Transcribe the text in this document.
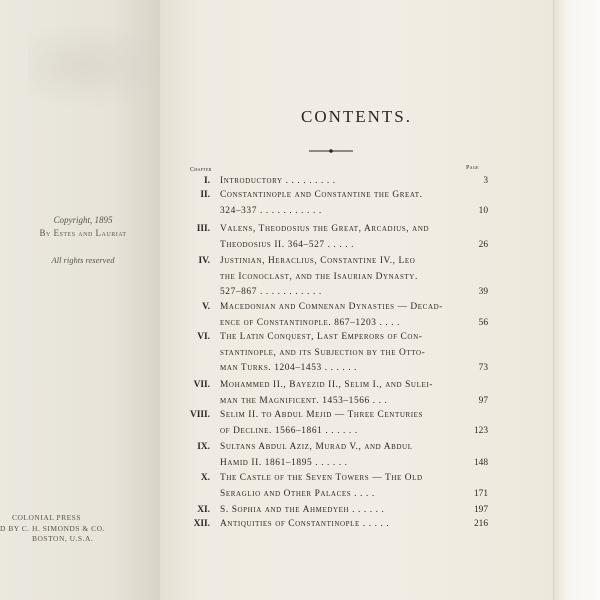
Copyright, 1895
By Estes and Lauriat
All rights reserved
COLONIAL PRESS
D BY C. H. SIMONDS & CO.
BOSTON, U.S.A.
CONTENTS.
Chapter	Page
I. Introductory . . . . . . . . .	3
II. Constantinople and Constantine the Great.
324–337 . . . . . . . . . . .	10
III. Valens, Theodosius the Great, Arcadius, and
Theodosius II. 364–527 . . . . .	26
IV. Justinian, Heraclius, Constantine IV., Leo
the Iconoclast, and the Isaurian Dynasty.
527–867 . . . . . . . . . . .	39
V. Macedonian and Comnenan Dynasties — Decad-
ence of Constantinople. 867–1203 . . . .	56
VI. The Latin Conquest, Last Emperors of Con-
stantinople, and its Subjection by the Otto-
man Turks. 1204–1453 . . . . . .	73
VII. Mohammed II., Bayezid II., Selim I., and Sulei-
man the Magnificent. 1453–1566 . . .	97
VIII. Selim II. to Abdul Mejid — Three Centuries
of Decline. 1566–1861 . . . . . .	123
IX. Sultans Abdul Aziz, Murad V., and Abdul
Hamid II. 1861–1895 . . . . . .	148
X. The Castle of the Seven Towers — The Old
Seraglio and Other Palaces . . . .	171
XI. S. Sophia and the Ahmedyeh . . . . . .	197
XII. Antiquities of Constantinople . . . . .	216
